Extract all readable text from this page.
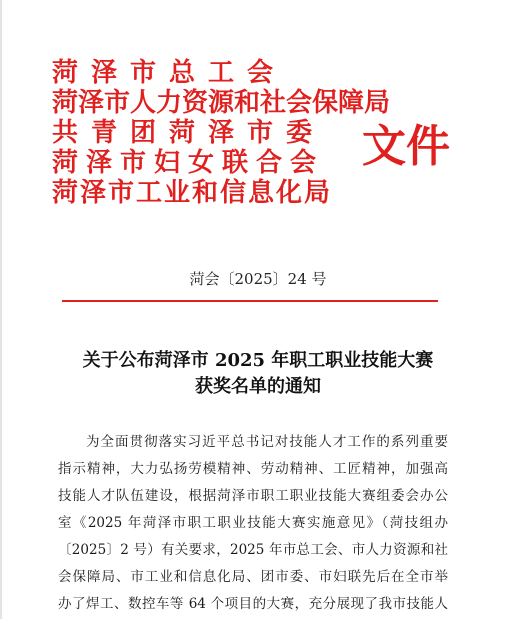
菏泽市总工会
菏泽市人力资源和社会保障局
共青团菏泽市委
菏泽市妇女联合会
菏泽市工业和信息化局
文件
菏会〔2025〕24 号
关于公布菏泽市 2025 年职工职业技能大赛
获奖名单的通知
为全面贯彻落实习近平总书记对技能人才工作的系列重要
指示精神，大力弘扬劳模精神、劳动精神、工匠精神，加强高
技能人才队伍建设，根据菏泽市职工职业技能大赛组委会办公
室《2025 年菏泽市职工职业技能大赛实施意见》（菏技组办
〔2025〕2 号）有关要求，2025 年市总工会、市人力资源和社
会保障局、市工业和信息化局、团市委、市妇联先后在全市举
办了焊工、数控车等 64 个项目的大赛，充分展现了我市技能人
